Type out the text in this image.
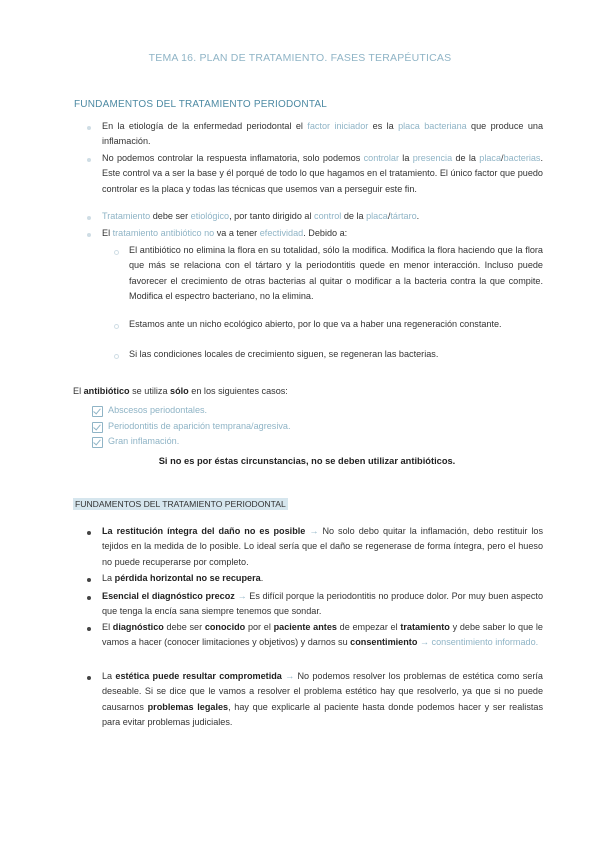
TEMA 16. PLAN DE TRATAMIENTO. FASES TERAPÉUTICAS
FUNDAMENTOS DEL TRATAMIENTO PERIODONTAL
En la etiología de la enfermedad periodontal el factor iniciador es la placa bacteriana que produce una inflamación.
No podemos controlar la respuesta inflamatoria, solo podemos controlar la presencia de la placa/bacterias. Este control va a ser la base y él porqué de todo lo que hagamos en el tratamiento. El único factor que puedo controlar es la placa y todas las técnicas que usemos van a perseguir este fin.
Tratamiento debe ser etiológico, por tanto dirigido al control de la placa/tártaro.
El tratamiento antibiótico no va a tener efectividad. Debido a:
El antibiótico no elimina la flora en su totalidad, sólo la modifica. Modifica la flora haciendo que la flora que más se relaciona con el tártaro y la periodontitis quede en menor interacción. Incluso puede favorecer el crecimiento de otras bacterias al quitar o modificar a la bacteria contra la que compite. Modifica el espectro bacteriano, no la elimina.
Estamos ante un nicho ecológico abierto, por lo que va a haber una regeneración constante.
Si las condiciones locales de crecimiento siguen, se regeneran las bacterias.
El antibiótico se utiliza sólo en los siguientes casos:
Abscesos periodontales.
Periodontitis de aparición temprana/agresiva.
Gran inflamación.
Si no es por éstas circunstancias, no se deben utilizar antibióticos.
FUNDAMENTOS DEL TRATAMIENTO PERIODONTAL
La restitución íntegra del daño no es posible → No solo debo quitar la inflamación, debo restituir los tejidos en la medida de lo posible. Lo ideal sería que el daño se regenerase de forma íntegra, pero el hueso no puede recuperarse por completo.
La pérdida horizontal no se recupera.
Esencial el diagnóstico precoz → Es difícil porque la periodontitis no produce dolor. Por muy buen aspecto que tenga la encía sana siempre tenemos que sondar.
El diagnóstico debe ser conocido por el paciente antes de empezar el tratamiento y debe saber lo que le vamos a hacer (conocer limitaciones y objetivos) y darnos su consentimiento → consentimiento informado.
La estética puede resultar comprometida → No podemos resolver los problemas de estética como sería deseable. Si se dice que le vamos a resolver el problema estético hay que resolverlo, ya que si no puede causarnos problemas legales, hay que explicarle al paciente hasta donde podemos hacer y ser realistas para evitar problemas judiciales.
